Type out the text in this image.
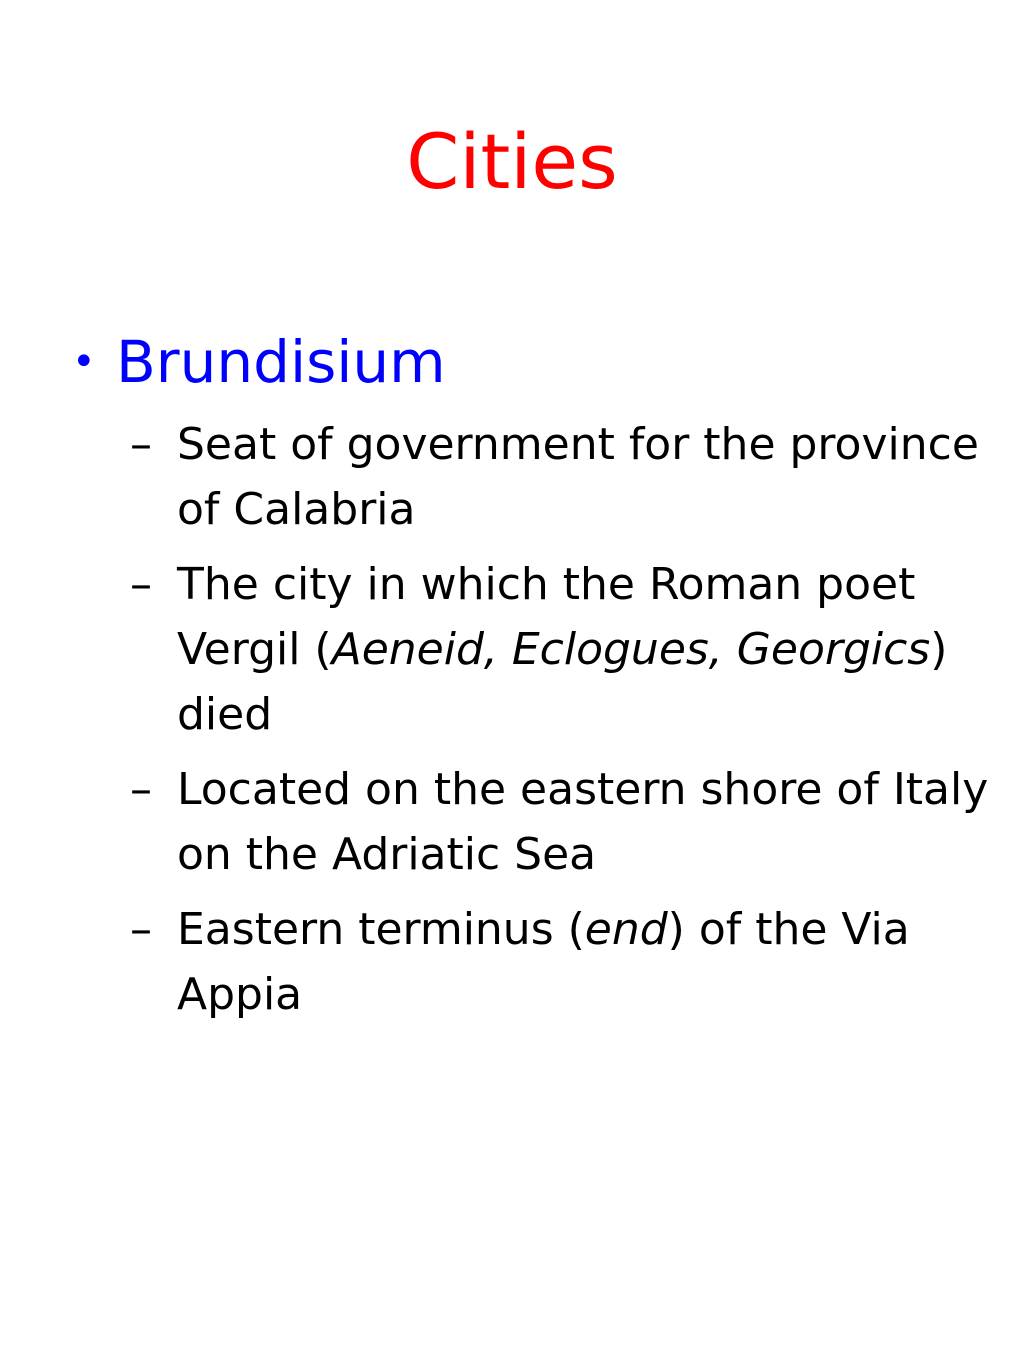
Cities
• Brundisium
– Seat of government for the province of Calabria
– The city in which the Roman poet Vergil (Aeneid, Eclogues, Georgics) died
– Located on the eastern shore of Italy on the Adriatic Sea
– Eastern terminus (end) of the Via Appia
